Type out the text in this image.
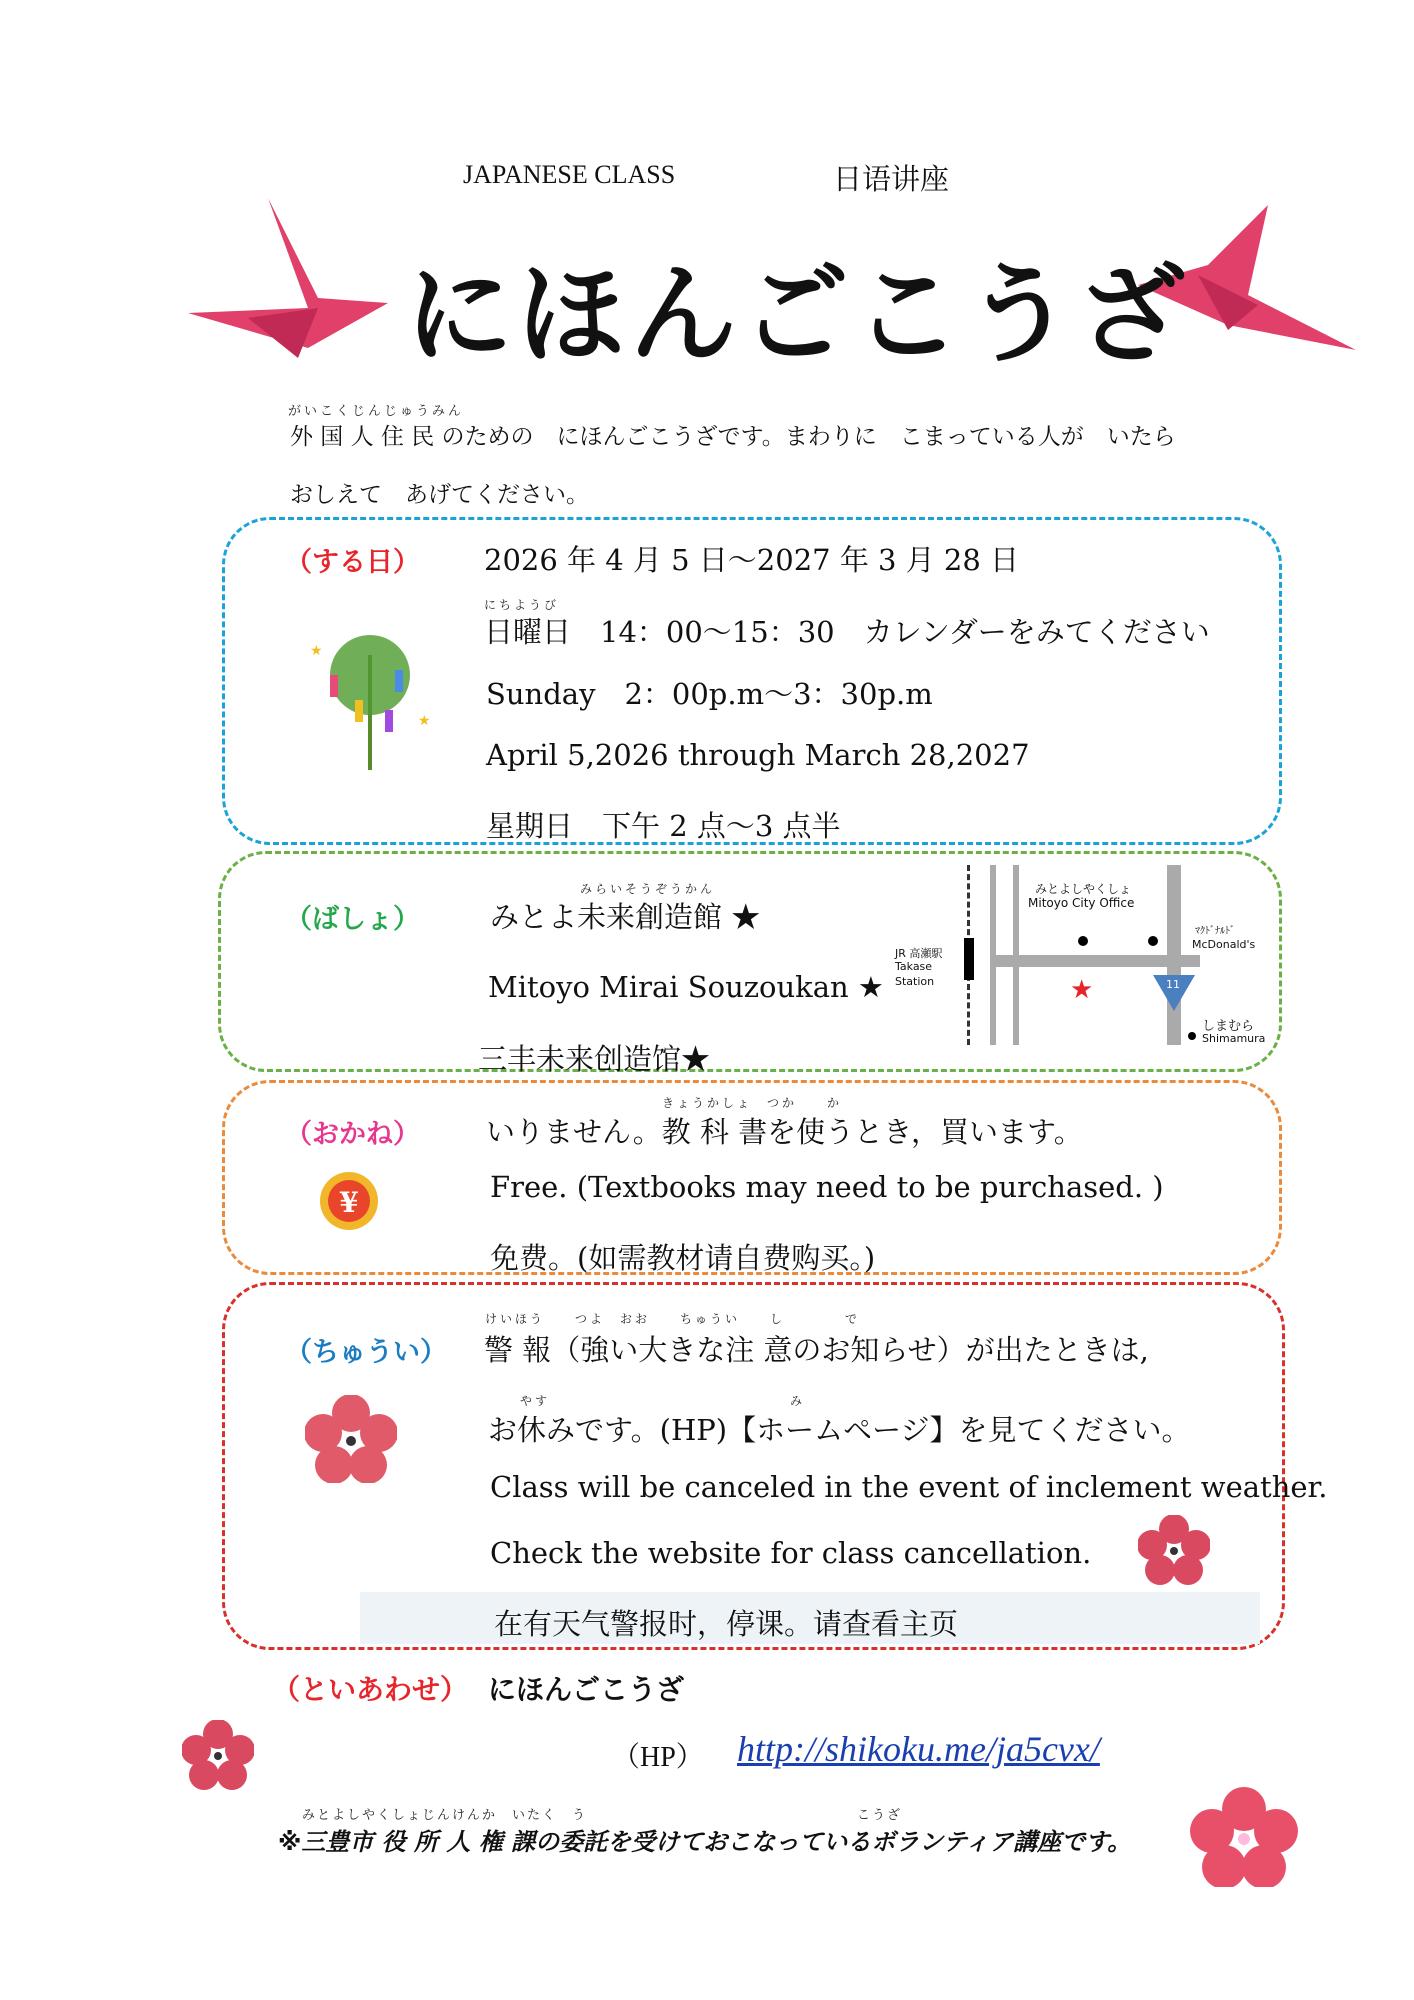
JAPANESE CLASS	日语讲座
にほんごこうざ
がいこくじんじゅうみん
外 国 人 住 民 のための　にほんごこうざです。まわりに　こまっている人が　いたら
おしえて　あげてください。
（する日）
★
★
2026 年 4 月 5 日～2027 年 3 月 28 日
にちようび
日曜日　14：00～15：30　カレンダーをみてください
Sunday　2：00p.m～3：30p.m
April 5,2026 through March 28,2027
星期日　下午 2 点～3 点半
（ばしょ）
みらいそうぞうかん
みとよ未来創造館 ★
Mitoyo Mirai Souzoukan ★
三丰未来创造馆★
★	11
みとよしやくしょ
Mitoyo City Office
ﾏｸﾄﾞﾅﾙﾄﾞ
McDonald's
JR 高瀬駅
Takase
Station
しまむら
Shimamura
（おかね）
¥
きょうかしょ　つか　　か
いりません。教 科 書を使うとき，買います。
Free. (Textbooks may need to be purchased. )
免费。(如需教材请自费购买。)
（ちゅうい）
けいほう　　つよ　おお　　ちゅうい　　し　　　　で
警 報（強い大きな注 意のお知らせ）が出たときは,
やす　　　　　　　　　　　　　　　　み
お休みです。(HP)【ホームページ】を見てください。
Class will be canceled in the event of inclement weather.
Check the website for class cancellation.
在有天气警报时，停课。请查看主页
（といあわせ） にほんごこうざ
（HP） http://shikoku.me/ja5cvx/
みとよしやくしょじんけんか　いたく　う　　　　　　　　　　　　　　　　　　こうざ
※三豊市 役 所 人 権 課の委託を受けておこなっているボランティア講座です。
